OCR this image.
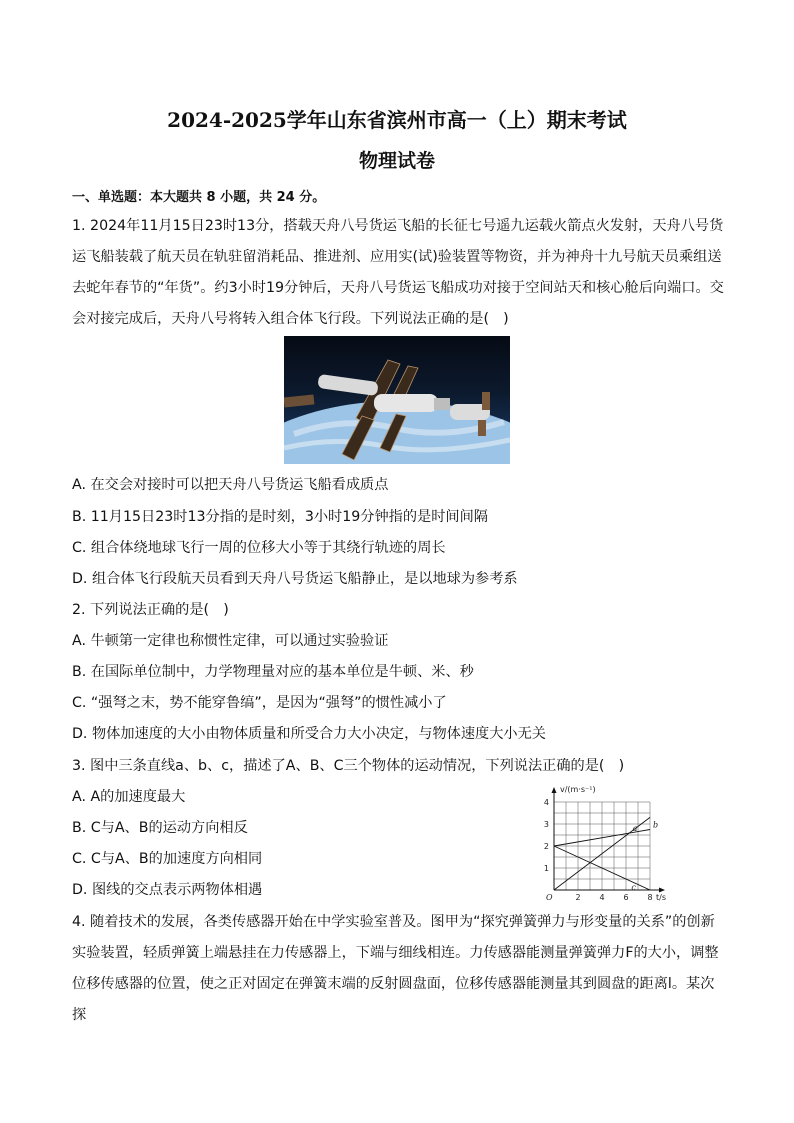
2024-2025学年山东省滨州市高一（上）期末考试
物理试卷
一、单选题：本大题共 8 小题，共 24 分。
1. 2024年11月15日23时13分，搭载天舟八号货运飞船的长征七号遥九运载火箭点火发射，天舟八号货运飞船装载了航天员在轨驻留消耗品、推进剂、应用实(试)验装置等物资，并为神舟十九号航天员乘组送去蛇年春节的“年货”。约3小时19分钟后，天舟八号货运飞船成功对接于空间站天和核心舱后向端口。交会对接完成后，天舟八号将转入组合体飞行段。下列说法正确的是(　)
A. 在交会对接时可以把天舟八号货运飞船看成质点
B. 11月15日23时13分指的是时刻，3小时19分钟指的是时间间隔
C. 组合体绕地球飞行一周的位移大小等于其绕行轨迹的周长
D. 组合体飞行段航天员看到天舟八号货运飞船静止，是以地球为参考系
2. 下列说法正确的是(　)
A. 牛顿第一定律也称惯性定律，可以通过实验验证
B. 在国际单位制中，力学物理量对应的基本单位是牛顿、米、秒
C. “强弩之末，势不能穿鲁缟”，是因为“强弩”的惯性减小了
D. 物体加速度的大小由物体质量和所受合力大小决定，与物体速度大小无关
3. 图中三条直线a、b、c，描述了A、B、C三个物体的运动情况，下列说法正确的是(　)
A. A的加速度最大
B. C与A、B的运动方向相反
C. C与A、B的加速度方向相同
D. 图线的交点表示两物体相遇	2 4 6 8
1
2
3
4
O	t/s
v/(m·s⁻¹)
a b
c
4. 随着技术的发展，各类传感器开始在中学实验室普及。图甲为“探究弹簧弹力与形变量的关系”的创新实验装置，轻质弹簧上端悬挂在力传感器上，下端与细线相连。力传感器能测量弹簧弹力F的大小，调整位移传感器的位置，使之正对固定在弹簧末端的反射圆盘面，位移传感器能测量其到圆盘的距离l。某次探
